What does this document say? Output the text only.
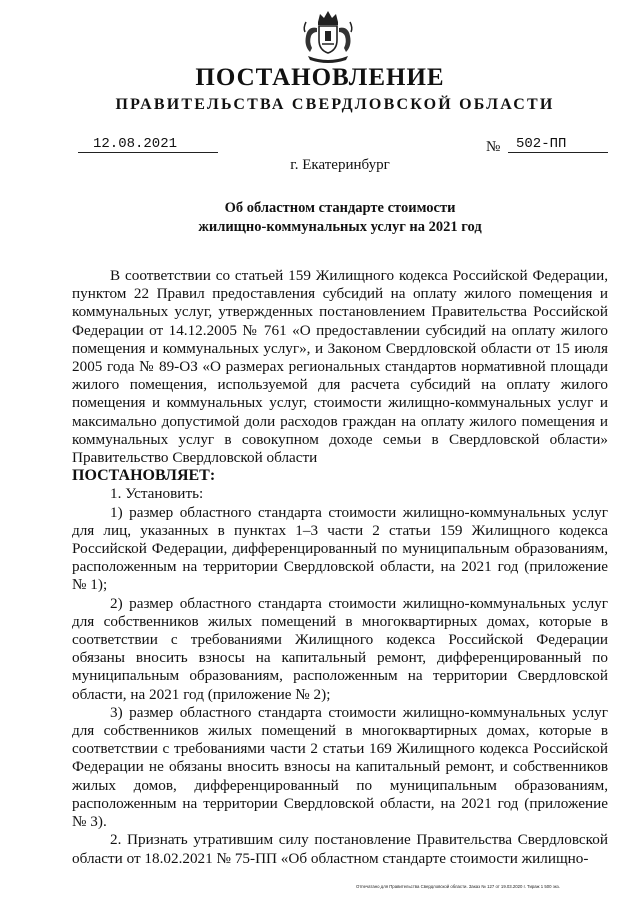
ПОСТАНОВЛЕНИЕ
ПРАВИТЕЛЬСТВА СВЕРДЛОВСКОЙ ОБЛАСТИ
12.08.2021	№	502-ПП
г. Екатеринбург
Об областном стандарте стоимости
жилищно-коммунальных услуг на 2021 год

В соответствии со статьей 159 Жилищного кодекса Российской Федерации, пунктом 22 Правил предоставления субсидий на оплату жилого помещения и коммунальных услуг, утвержденных постановлением Правительства Российской Федерации от 14.12.2005 № 761 «О предоставлении субсидий на оплату жилого помещения и коммунальных услуг», и Законом Свердловской области от 15 июля 2005 года № 89-ОЗ «О размерах региональных стандартов нормативной площади жилого помещения, используемой для расчета субсидий на оплату жилого помещения и коммунальных услуг, стоимости жилищно-коммунальных услуг и максимально допустимой доли расходов граждан на оплату жилого помещения и коммунальных услуг в совокупном доходе семьи в Свердловской области» Правительство Свердловской области

ПОСТАНОВЛЯЕТ:

1. Установить:

1) размер областного стандарта стоимости жилищно-коммунальных услуг для лиц, указанных в пунктах 1–3 части 2 статьи 159 Жилищного кодекса Российской Федерации, дифференцированный по муниципальным образованиям, расположенным на территории Свердловской области, на 2021 год (приложение № 1);

2) размер областного стандарта стоимости жилищно-коммунальных услуг для собственников жилых помещений в многоквартирных домах, которые в соответствии с требованиями Жилищного кодекса Российской Федерации обязаны вносить взносы на капитальный ремонт, дифференцированный по муниципальным образованиям, расположенным на территории Свердловской области, на 2021 год (приложение № 2);

3) размер областного стандарта стоимости жилищно-коммунальных услуг для собственников жилых помещений в многоквартирных домах, которые в соответствии с требованиями части 2 статьи 169 Жилищного кодекса Российской Федерации не обязаны вносить взносы на капитальный ремонт, и собственников жилых домов, дифференцированный по муниципальным образованиям, расположенным на территории Свердловской области, на 2021 год (приложение № 3).

2. Признать утратившим силу постановление Правительства Свердловской области от 18.02.2021 № 75-ПП «Об областном стандарте стоимости жилищно-

Отпечатано для Правительства Свердловской области. Заказ № 127 от 19.03.2020 г. Тираж 1 500 экз.
